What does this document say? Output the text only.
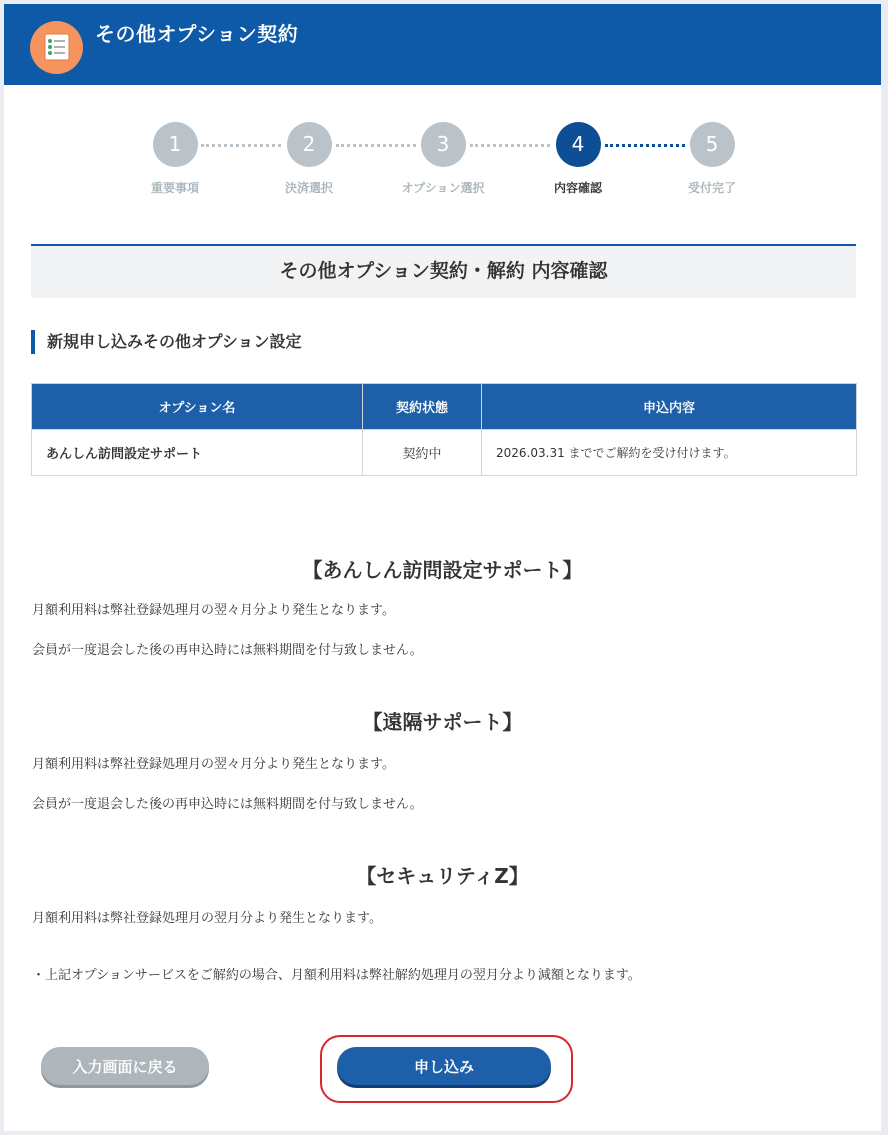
その他オプション契約
1
重要事項
2
決済選択
3
オプション選択
4
内容確認
5
受付完了
その他オプション契約・解約 内容確認
新規申し込みその他オプション設定
オプション名	契約状態	申込内容
あんしん訪問設定サポート	契約中	2026.03.31 まででご解約を受け付けます。
【あんしん訪問設定サポート】
月額利用料は弊社登録処理月の翌々月分より発生となります。
会員が一度退会した後の再申込時には無料期間を付与致しません。
【遠隔サポート】
月額利用料は弊社登録処理月の翌々月分より発生となります。
会員が一度退会した後の再申込時には無料期間を付与致しません。
【セキュリティZ】
月額利用料は弊社登録処理月の翌月分より発生となります。
・上記オプションサービスをご解約の場合、月額利用料は弊社解約処理月の翌月分より減額となります。
入力画面に戻る	申し込み
